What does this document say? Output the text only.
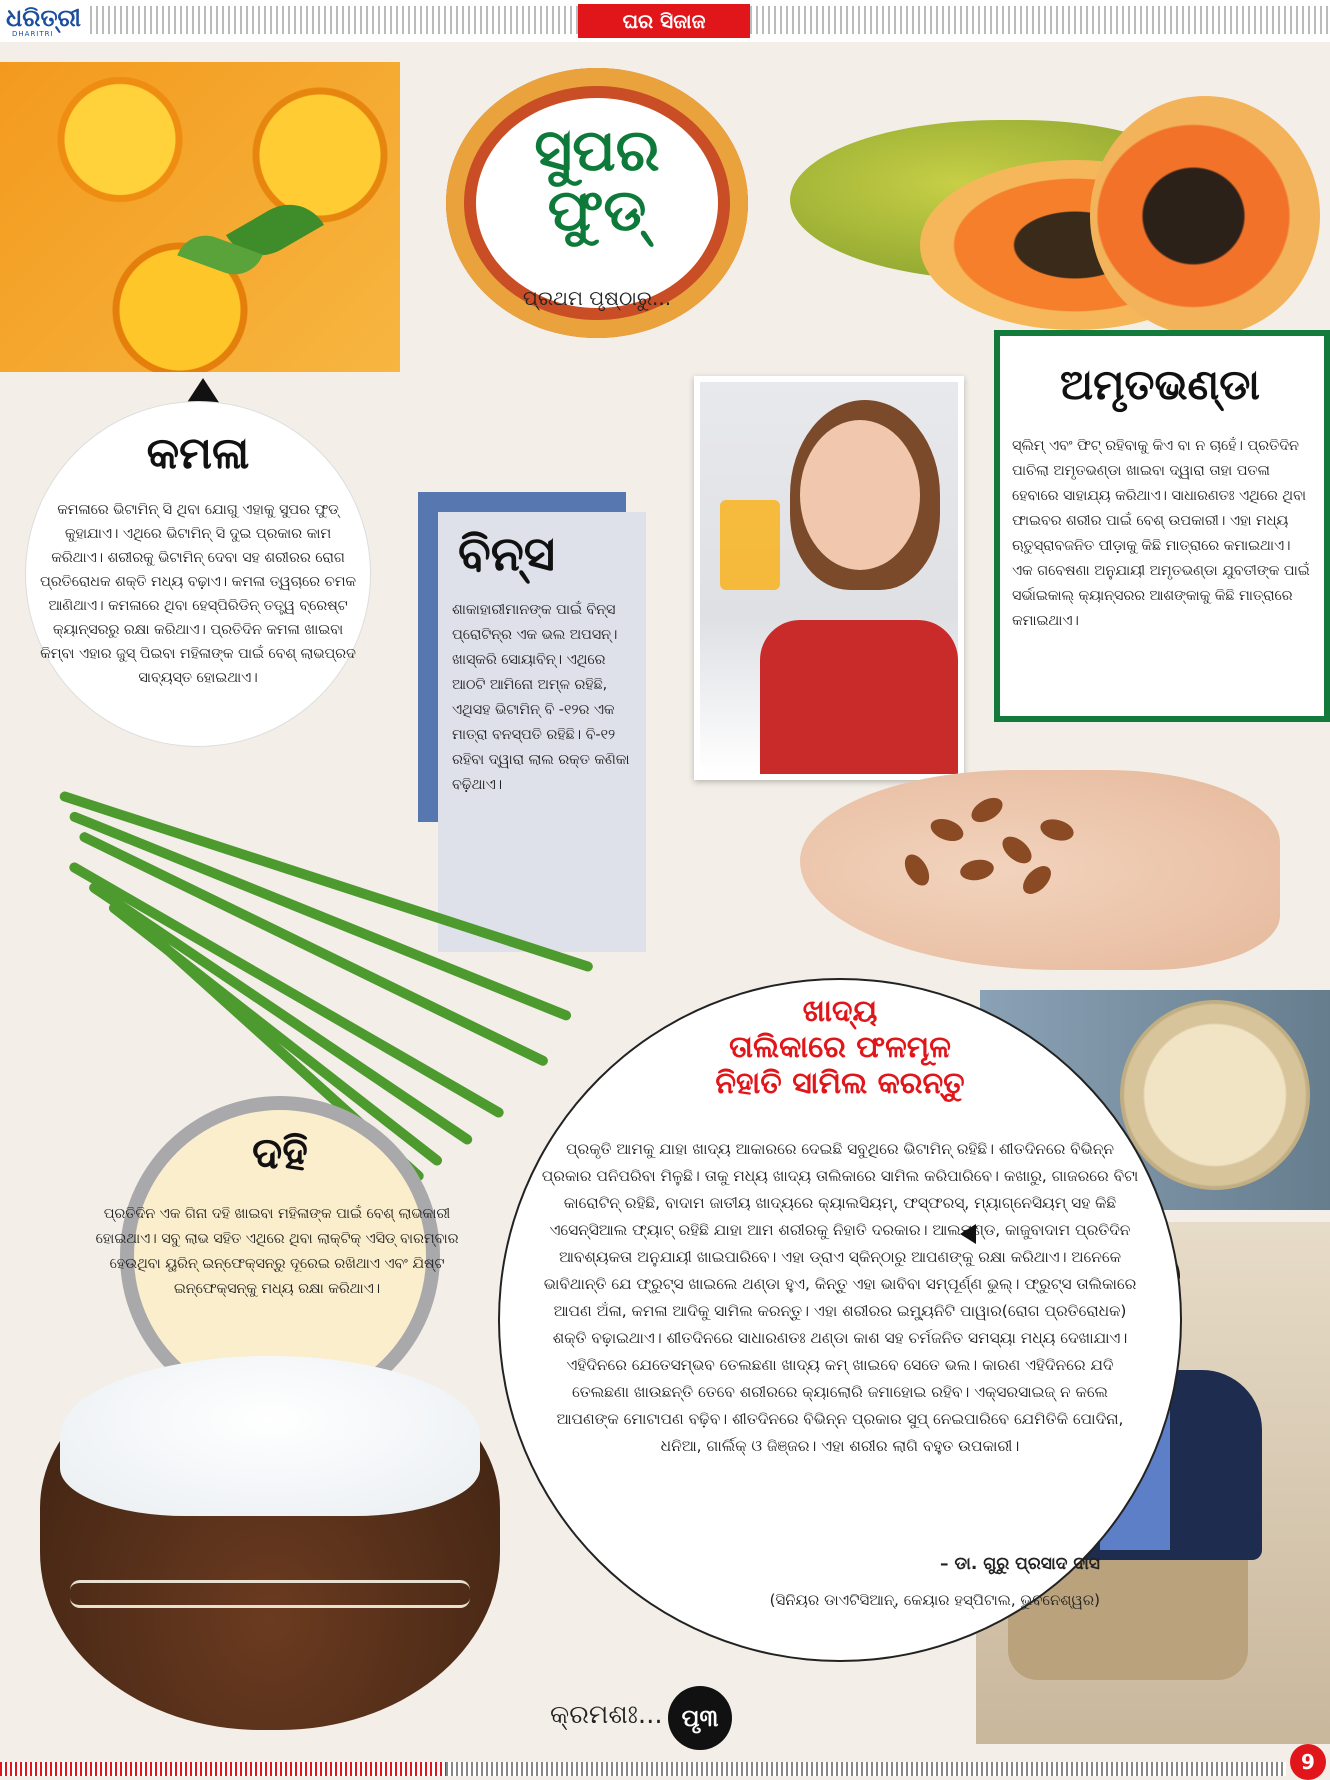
ଧରିତ୍ରୀ
DHARITRI
ଘର ସିଜାଜ
ସୁପର ଫୁଡ୍
ପ୍ରଥମ ପୃଷ୍ଠାରୁ...
କମଳା
କମଳାରେ ଭିଟାମିନ୍ ସି ଥିବା ଯୋଗୁ ଏହାକୁ ସୁପର ଫୁଡ୍ କୁହାଯାଏ। ଏଥିରେ ଭିଟାମିନ୍ ସି ଦୁଇ ପ୍ରକାର କାମ କରିଥାଏ। ଶରୀରକୁ ଭିଟାମିନ୍ ଦେବା ସହ ଶରୀରର ରୋଗ ପ୍ରତିରୋଧକ ଶକ୍ତି ମଧ୍ୟ ବଢ଼ାଏ। କମଳା ତ୍ୱଚାରେ ଚମକ ଆଣିଥାଏ। କମଳାରେ ଥିବା ହେସ୍ପିରିଡିନ୍ ତତ୍ତ୍ୱ ବ୍ରେଷ୍ଟ କ୍ୟାନ୍ସରରୁ ରକ୍ଷା କରିଥାଏ। ପ୍ରତିଦିନ କମଳା ଖାଇବା କିମ୍ବା ଏହାର ଜୁସ୍ ପିଇବା ମହିଳାଙ୍କ ପାଇଁ ବେଶ୍ ଲାଭପ୍ରଦ ସାବ୍ୟସ୍ତ ହୋଇଥାଏ।
ବିନ୍ସ
ଶାକାହାରୀମାନଙ୍କ ପାଇଁ ବିନ୍ସ ପ୍ରୋଟିନ୍‌ର ଏକ ଭଲ ଅପସନ୍। ଖାସ୍‌କରି ସୋୟାବିନ୍। ଏଥିରେ ଆଠଟି ଆମିନୋ ଅମ୍ଳ ରହିଛି, ଏଥିସହ ଭିଟାମିନ୍ ବି -୧୨ର ଏକ ମାତ୍ରା ବନସ୍ପତି ରହିଛି। ବି-୧୨ ରହିବା ଦ୍ୱାରା ଲାଲ ରକ୍ତ କଣିକା ବଢ଼ିଥାଏ।
ଅମୃତଭଣ୍ଡା
ସ୍ଲିମ୍ ଏବଂ ଫିଟ୍ ରହିବାକୁ କିଏ ବା ନ ଚାହେଁ। ପ୍ରତିଦିନ ପାଚିଲା ଅମୃତଭଣ୍ଡା ଖାଇବା ଦ୍ୱାରା ତାହା ପତଳା ହେବାରେ ସାହାଯ୍ୟ କରିଥାଏ। ସାଧାରଣତଃ ଏଥିରେ ଥିବା ଫାଇବର ଶରୀର ପାଇଁ ବେଶ୍ ଉପକାରୀ। ଏହା ମଧ୍ୟ ଋତୁସ୍ରାବଜନିତ ପୀଡ଼ାକୁ କିଛି ମାତ୍ରାରେ କମାଇଥାଏ। ଏକ ଗବେଷଣା ଅନୁଯାୟୀ ଅମୃତଭଣ୍ଡା ଯୁବତୀଙ୍କ ପାଇଁ ସର୍ଭାଇକାଲ୍ କ୍ୟାନ୍ସରର ଆଶଙ୍କାକୁ କିଛି ମାତ୍ରାରେ କମାଇଥାଏ।
ଖାଦ୍ୟ
ତାଲିକାରେ ଫଳମୂଳ
ନିହାତି ସାମିଲ କରନ୍ତୁ
ପ୍ରକୃତି ଆମକୁ ଯାହା ଖାଦ୍ୟ ଆକାରରେ ଦେଇଛି ସବୁଥିରେ ଭିଟାମିନ୍ ରହିଛି। ଶୀତଦିନରେ ବିଭିନ୍ନ ପ୍ରକାର ପନିପରିବା ମିଳୁଛି। ତାକୁ ମଧ୍ୟ ଖାଦ୍ୟ ତାଲିକାରେ ସାମିଲ କରିପାରିବେ। କଖାରୁ, ଗାଜରରେ ବିଟା କାରୋଟିନ୍ ରହିଛି, ବାଦାମ ଜାତୀୟ ଖାଦ୍ୟରେ କ୍ୟାଲସିୟମ୍, ଫସ୍‌ଫରସ୍, ମ୍ୟାଗ୍ନେସିୟମ୍ ସହ କିଛି ଏସେନ୍‌ସିଆଲ ଫ୍ୟାଟ୍ ରହିଛି ଯାହା ଆମ ଶରୀରକୁ ନିହାତି ଦରକାର। ଆଲମଣ୍ଡ, କାଜୁବାଦାମ ପ୍ରତିଦିନ ଆବଶ୍ୟକତା ଅନୁଯାୟୀ ଖାଇପାରିବେ। ଏହା ଡ୍ରାଏ ସ୍କିନ୍‌ଠାରୁ ଆପଣଙ୍କୁ ରକ୍ଷା କରିଥାଏ। ଅନେକେ ଭାବିଥାନ୍ତି ଯେ ଫ୍ରୁଟ୍ସ ଖାଇଲେ ଥଣ୍ଡା ହୁଏ, କିନ୍ତୁ ଏହା ଭାବିବା ସମ୍ପୂର୍ଣ୍ଣ ଭୁଲ୍। ଫ୍ରୁଟ୍ସ ତାଲିକାରେ ଆପଣ ଅଁଳା, କମଳା ଆଦିକୁ ସାମିଲ କରନ୍ତୁ। ଏହା ଶରୀରର ଇମ୍ୟୁନିଟି ପାୱାର(ରୋଗ ପ୍ରତିରୋଧକ) ଶକ୍ତି ବଢ଼ାଇଥାଏ। ଶୀତଦିନରେ ସାଧାରଣତଃ ଥଣ୍ଡା କାଶ ସହ ଚର୍ମଜନିତ ସମସ୍ୟା ମଧ୍ୟ ଦେଖାଯାଏ। ଏହିଦିନରେ ଯେତେସମ୍ଭବ ତେଲଛଣା ଖାଦ୍ୟ କମ୍ ଖାଇବେ ସେତେ ଭଲ। କାରଣ ଏହିଦିନରେ ଯଦି ତେଲଛଣା ଖାଉଛନ୍ତି ତେବେ ଶରୀରରେ କ୍ୟାଲୋରି ଜମାହୋଇ ରହିବ। ଏକ୍ସରସାଇଜ୍ ନ କଲେ ଆପଣଙ୍କ ମୋଟାପଣ ବଢ଼ିବ। ଶୀତଦିନରେ ବିଭିନ୍ନ ପ୍ରକାର ସୁପ୍ ନେଇପାରିବେ ଯେମିତିକି ପୋଦିନା, ଧନିଆ, ଗାର୍ଲିକ୍ ଓ ଜିଞ୍ଜର। ଏହା ଶରୀର ଲାଗି ବହୁତ ଉପକାରୀ।
– ଡା. ଗୁରୁ ପ୍ରସାଦ ଦାସ
(ସିନିୟର ଡାଏଟିସିଆନ୍, କେୟାର ହସ୍ପିଟାଲ, ଭୁବନେଶ୍ୱର)
ଦହି
ପ୍ରତିଦିନ ଏକ ଗିନା ଦହି ଖାଇବା ମହିଳାଙ୍କ ପାଇଁ ବେଶ୍ ଲାଭକାରୀ ହୋଇଥାଏ। ସବୁ ଲାଭ ସହିତ ଏଥିରେ ଥିବା ଲାକ୍ଟିକ୍ ଏସିଡ୍ ବାରମ୍ବାର ହେଉଥିବା ୟୁରିନ୍ ଇନ୍‌ଫେକ୍ସନ୍‌ରୁ ଦୂରେଇ ରଖିଥାଏ ଏବଂ ଯିଷ୍ଟ ଇନ୍‌ଫେକ୍ସନ୍‌କୁ ମଧ୍ୟ ରକ୍ଷା କରିଥାଏ।
କ୍ରମଶଃ... ପୃ୩
9
